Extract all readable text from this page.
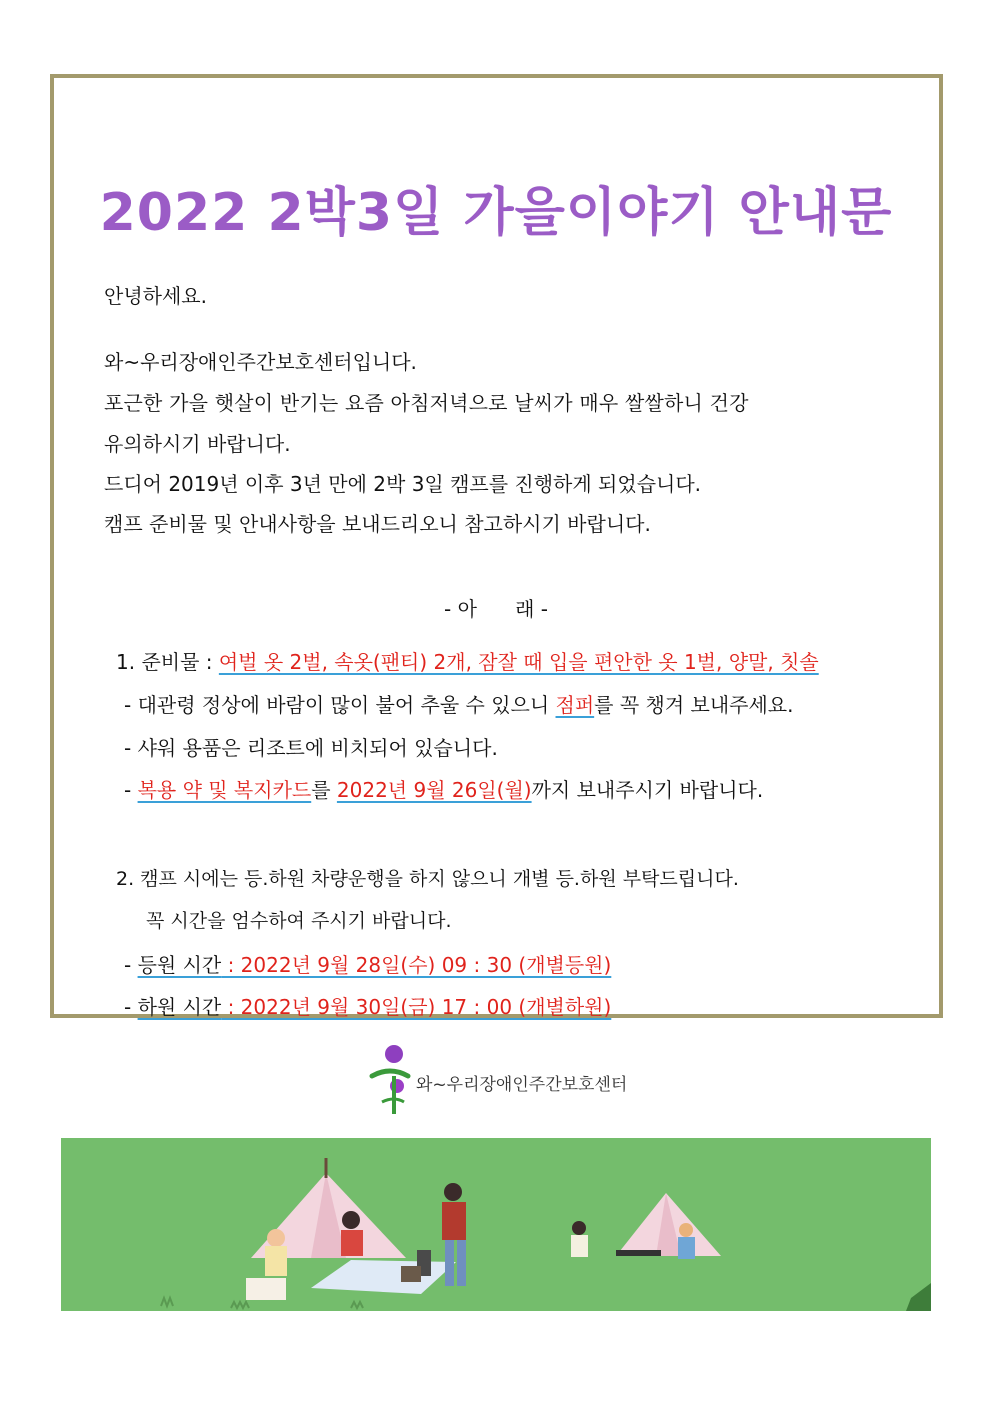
2022 2박3일 가을이야기 안내문
안녕하세요.
와~우리장애인주간보호센터입니다.
포근한 가을 햇살이 반기는 요즘 아침저녁으로 날씨가 매우 쌀쌀하니 건강
유의하시기 바랍니다.
드디어 2019년 이후 3년 만에 2박 3일 캠프를 진행하게 되었습니다.
캠프 준비물 및 안내사항을 보내드리오니 참고하시기 바랍니다.
- 아      래 -
1. 준비물 : 여벌 옷 2벌, 속옷(팬티) 2개, 잠잘 때 입을 편안한 옷 1벌, 양말, 칫솔
- 대관령 정상에 바람이 많이 불어 추울 수 있으니 점퍼를 꼭 챙겨 보내주세요.
- 샤워 용품은 리조트에 비치되어 있습니다.
- 복용 약 및 복지카드를 2022년 9월 26일(월)까지 보내주시기 바랍니다.
2. 캠프 시에는 등.하원 차량운행을 하지 않으니 개별 등.하원 부탁드립니다.
꼭 시간을 엄수하여 주시기 바랍니다.
- 등원 시간 : 2022년 9월 28일(수) 09 : 30 (개별등원)
- 하원 시간 : 2022년 9월 30일(금) 17 : 00 (개별하원)
와~우리장애인주간보호센터
